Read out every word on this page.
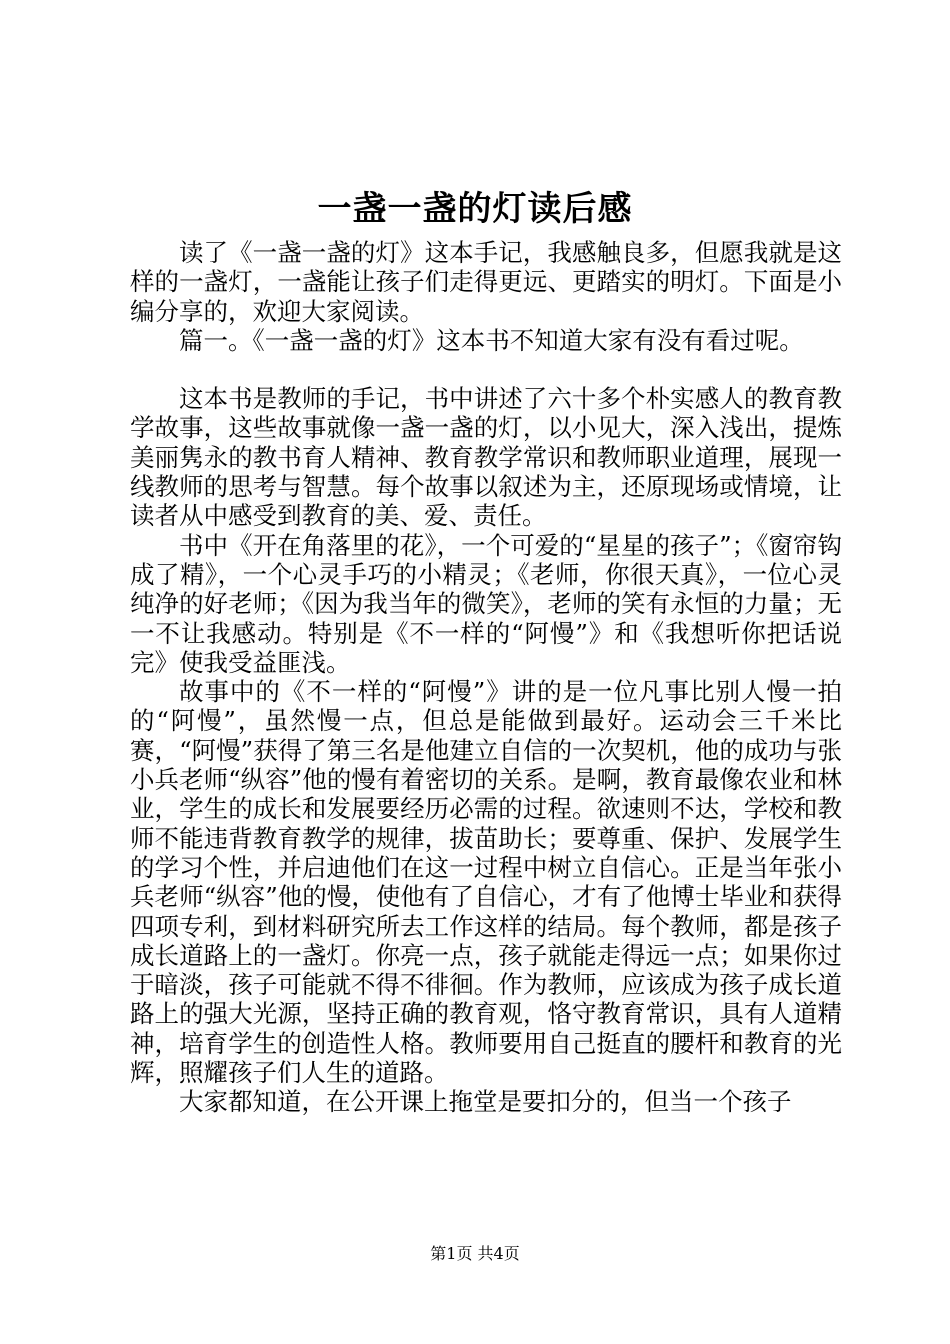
一盏一盏的灯读后感

读了《一盏一盏的灯》这本手记，我感触良多，但愿我就是这样的一盏灯，一盏能让孩子们走得更远、更踏实的明灯。下面是小编分享的，欢迎大家阅读。

篇一。《一盏一盏的灯》这本书不知道大家有没有看过呢。

这本书是教师的手记，书中讲述了六十多个朴实感人的教育教学故事，这些故事就像一盏一盏的灯，以小见大，深入浅出，提炼美丽隽永的教书育人精神、教育教学常识和教师职业道理，展现一线教师的思考与智慧。每个故事以叙述为主，还原现场或情境，让读者从中感受到教育的美、爱、责任。

书中《开在角落里的花》，一个可爱的“星星的孩子”；《窗帘钩成了精》，一个心灵手巧的小精灵；《老师，你很天真》，一位心灵纯净的好老师；《因为我当年的微笑》，老师的笑有永恒的力量；无一不让我感动。特别是《不一样的“阿慢”》和《我想听你把话说完》使我受益匪浅。

故事中的《不一样的“阿慢”》讲的是一位凡事比别人慢一拍的“阿慢”，虽然慢一点，但总是能做到最好。运动会三千米比赛，“阿慢”获得了第三名是他建立自信的一次契机，他的成功与张小兵老师“纵容”他的慢有着密切的关系。是啊，教育最像农业和林业，学生的成长和发展要经历必需的过程。欲速则不达，学校和教师不能违背教育教学的规律，拔苗助长；要尊重、保护、发展学生的学习个性，并启迪他们在这一过程中树立自信心。正是当年张小兵老师“纵容”他的慢，使他有了自信心，才有了他博士毕业和获得四项专利，到材料研究所去工作这样的结局。每个教师，都是孩子成长道路上的一盏灯。你亮一点，孩子就能走得远一点；如果你过于暗淡，孩子可能就不得不徘徊。作为教师，应该成为孩子成长道路上的强大光源，坚持正确的教育观，恪守教育常识，具有人道精神，培育学生的创造性人格。教师要用自己挺直的腰杆和教育的光辉，照耀孩子们人生的道路。

大家都知道，在公开课上拖堂是要扣分的，但当一个孩子

第1页 共4页
